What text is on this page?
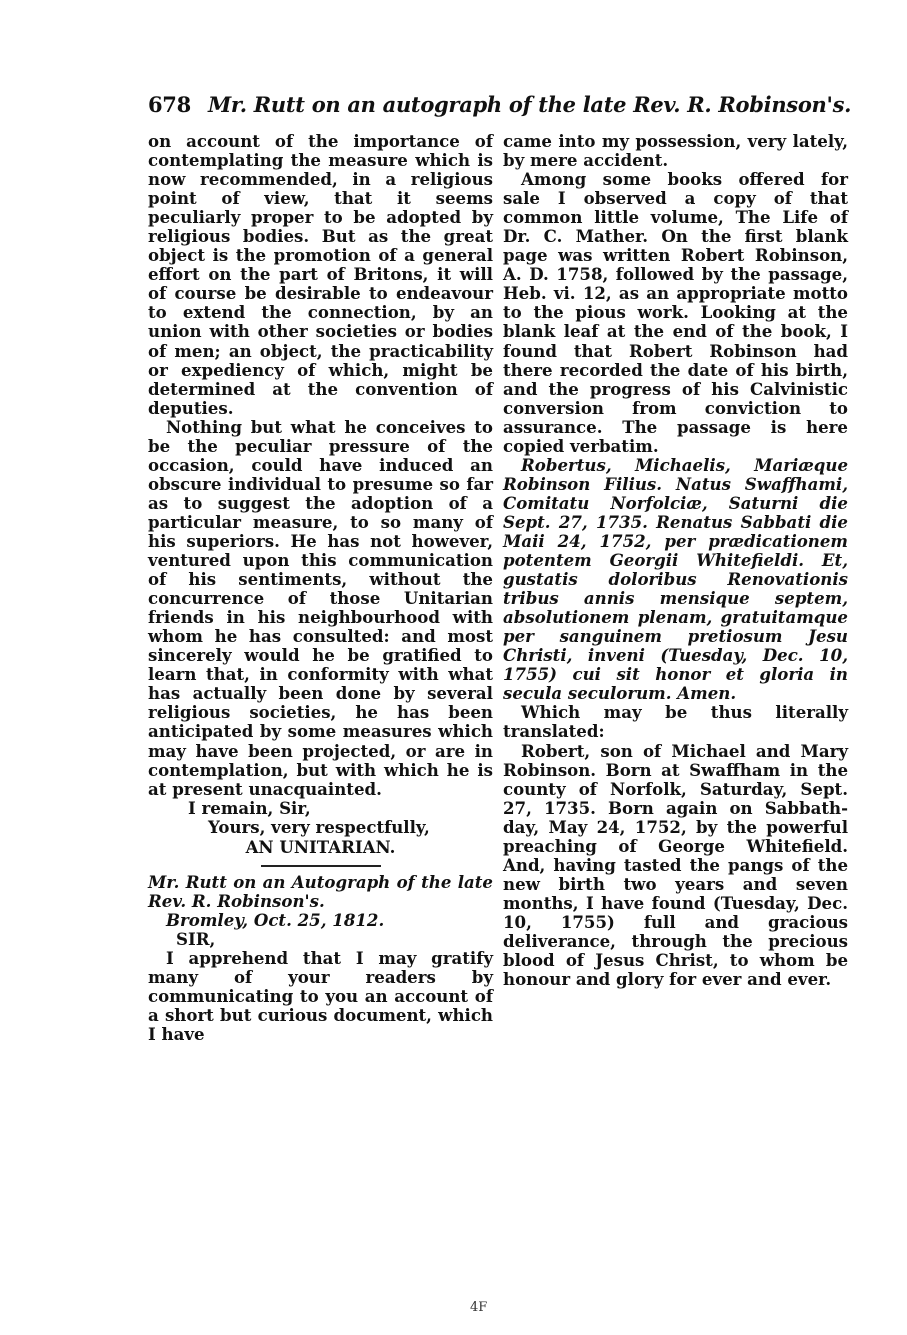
678 Mr. Rutt on an autograph of the late Rev. R. Robinson's.

on account of the importance of contemplating the measure which is now recommended, in a religious point of view, that it seems peculiarly proper to be adopted by religious bodies. But as the great object is the promotion of a general effort on the part of Britons, it will of course be desirable to endeavour to extend the connection, by an union with other societies or bodies of men; an object, the practicability or expediency of which, might be determined at the convention of deputies.

Nothing but what he conceives to be the peculiar pressure of the occasion, could have induced an obscure individual to presume so far as to suggest the adoption of a particular measure, to so many of his superiors. He has not however, ventured upon this communication of his sentiments, without the concurrence of those Unitarian friends in his neighbourhood with whom he has consulted: and most sincerely would he be gratified to learn that, in conformity with what has actually been done by several religious societies, he has been anticipated by some measures which may have been projected, or are in contemplation, but with which he is at present unacquainted.

I remain, Sir,

Yours, very respectfully,

AN UNITARIAN.

Mr. Rutt on an Autograph of the late Rev. R. Robinson's.

Bromley, Oct. 25, 1812.

SIR,

I apprehend that I may gratify many of your readers by communicating to you an account of a short but curious document, which I have

came into my possession, very lately, by mere accident.

Among some books offered for sale I observed a copy of that common little volume, The Life of Dr. C. Mather. On the first blank page was written Robert Robinson, A. D. 1758, followed by the passage, Heb. vi. 12, as an appropriate motto to the pious work. Looking at the blank leaf at the end of the book, I found that Robert Robinson had there recorded the date of his birth, and the progress of his Calvinistic conversion from conviction to assurance. The passage is here copied verbatim.

Robertus, Michaelis, Mariæque Robinson Filius. Natus Swaffhami, Comitatu Norfolciæ, Saturni die Sept. 27, 1735. Renatus Sabbati die Maii 24, 1752, per prædicationem potentem Georgii Whitefieldi. Et, gustatis doloribus Renovationis tribus annis mensique septem, absolutionem plenam, gratuitamque per sanguinem pretiosum Jesu Christi, inveni (Tuesday, Dec. 10, 1755) cui sit honor et gloria in secula seculorum. Amen.

Which may be thus literally translated:

Robert, son of Michael and Mary Robinson. Born at Swaffham in the county of Norfolk, Saturday, Sept. 27, 1735. Born again on Sabbath-day, May 24, 1752, by the powerful preaching of George Whitefield. And, having tasted the pangs of the new birth two years and seven months, I have found (Tuesday, Dec. 10, 1755) full and gracious deliverance, through the precious blood of Jesus Christ, to whom be honour and glory for ever and ever.

4F
